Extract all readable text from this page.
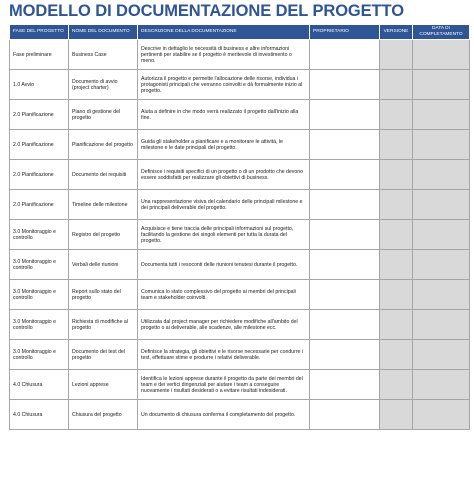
MODELLO DI DOCUMENTAZIONE DEL PROGETTO
FASE DEL PROGETTO	NOME DEL DOCUMENTO	DESCRIZIONE DELLA DOCUMENTAZIONE	PROPRIETARIO	VERSIONE	DATA DI COMPLETAMENTO
Fase preliminare	Business Case	Descrive in dettaglio le necessità di business e altre informazioni pertinenti per stabilire se il progetto è meritevole di investimento o meno.			
1.0 Avvio	Documento di avvio (project charter)	Autorizza il progetto e permette l'allocazione delle risorse, individua i protagonisti principali che verranno coinvolti e dà formalmente inizio al progetto.			
2.0 Pianificazione	Piano di gestione del progetto	Aiuta a definire in che modo verrà realizzato il progetto dall'inizio alla fine.			
2.0 Pianificazione	Pianificazione del progetto	Guida gli stakeholder a pianificare e a monitorare le attività, le milestone e le date principali del progetto.			
2.0 Pianificazione	Documento dei requisiti	Definisce i requisiti specifici di un progetto o di un prodotto che devono essere soddisfatti per realizzare gli obiettivi di business.			
2.0 Pianificazione	Timeline delle milestone	Una rappresentazione visiva del calendario delle principali milestone e dei principali deliverable del progetto.			
3.0 Monitoraggio e controllo	Registro del progetto	Acquisisce e tiene traccia delle principali informazioni sul progetto, facilitando la gestione dei singoli elementi per tutta la durata del progetto.			
3.0 Monitoraggio e controllo	Verbali delle riunioni	Documenta tutti i resoconti delle riunioni tenutesi durante il progetto.			
3.0 Monitoraggio e controllo	Report sullo stato del progetto	Comunica lo stato complessivo del progetto ai membri del principali team e stakeholder coinvolti.			
3.0 Monitoraggio e controllo	Richiesta di modifiche al progetto	Utilizzata dal project manager per richiedere modifiche all'ambito del progetto o ai deliverable, alle scadenze, alle milestone ecc.			
3.0 Monitoraggio e controllo	Documento dei test del progetto	Definisce la strategia, gli obiettivi e le risorse necessarie per condurre i test, effettuare stime e produrre i relativi deliverable.			
4.0 Chiusura	Lezioni apprese	Identifica le lezioni apprese durante il progetto da parte dei membri del team e dei vertici dirigenziali per aiutare i team a conseguire nuovamente i risultati desiderati o a evitare risultati indesiderati.			
4.0 Chiusura	Chiusura del progetto	Un documento di chiusura conferma il completamento del progetto.			
